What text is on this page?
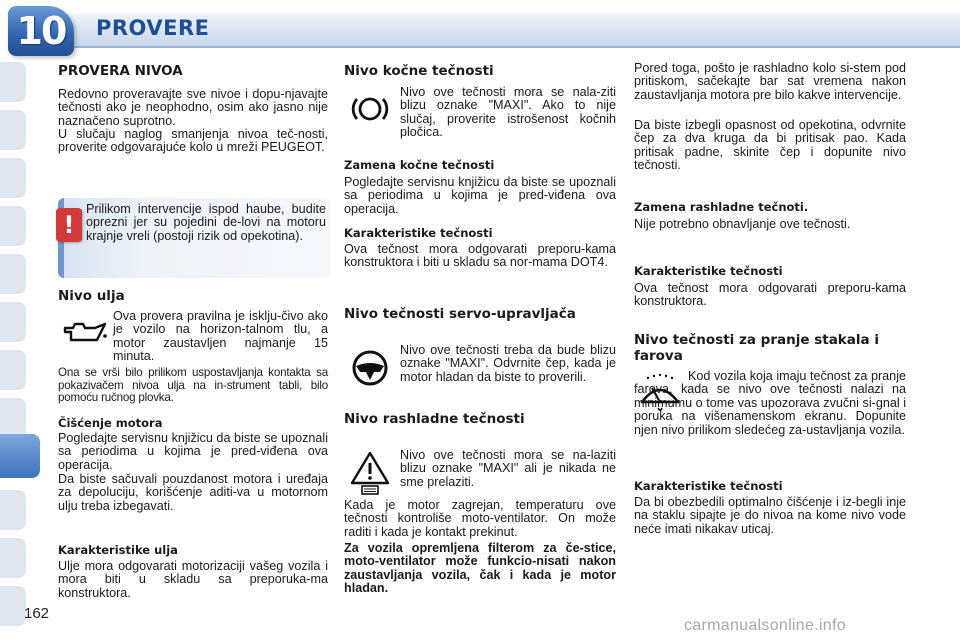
10 PROVERE
PROVERA NIVOA

Redovno proveravajte sve nivoe i dopu-njavajte tečnosti ako je neophodno, osim ako jasno nije naznačeno suprotno.

U slučaju naglog smanjenja nivoa teč-nosti, proverite odgovarajuće kolo u mreži PEUGEOT.

!

Prilikom intervencije ispod haube, budite oprezni jer su pojedini de-lovi na motoru krajnje vreli (postoji rizik od opekotina).

Nivo ulja

Ova provera pravilna je isklju-čivo ako je vozilo na horizon-talnom tlu, a motor zaustavljen najmanje 15 minuta.

Ona se vrši bilo prilikom uspostavljanja kontakta sa pokazivačem nivoa ulja na in-strument tabli, bilo pomoću ručnog plovka.

Čišćenje motora

Pogledajte servisnu knjižicu da biste se upoznali sa periodima u kojima je pred-viđena ova operacija.

Da biste sačuvali pouzdanost motora i uređaja za depoluciju, korišćenje aditi-va u motornom ulju treba izbegavati.

Karakteristike ulja

Ulje mora odgovarati motorizaciji vašeg vozila i mora biti u skladu sa preporuka-ma konstruktora.

Nivo kočne tečnosti

Nivo ove tečnosti mora se nala-ziti blizu oznake "MAXI". Ako to nije slučaj, proverite istrošenost kočnih pločica.

Zamena kočne tečnosti

Pogledajte servisnu knjižicu da biste se upoznali sa periodima u kojima je pred-viđena ova operacija.

Karakteristike tečnosti

Ova tečnost mora odgovarati preporu-kama konstruktora i biti u skladu sa nor-mama DOT4.

Nivo tečnosti servo-upravljača

Nivo ove tečnosti treba da bude blizu oznake "MAXI". Odvrnite čep, kada je motor hladan da biste to proverili.

Nivo rashladne tečnosti

Nivo ove tečnosti mora se na-laziti blizu oznake "MAXI" ali je nikada ne sme prelaziti.

Kada je motor zagrejan, temperaturu ove tečnosti kontroliše moto-ventilator. On može raditi i kada je kontakt prekinut.

Za vozila opremljena filterom za če-stice, moto-ventilator može funkcio-nisati nakon zaustavljanja vozila, čak i kada je motor hladan.

Pored toga, pošto je rashladno kolo si-stem pod pritiskom, sačekajte bar sat vremena nakon zaustavljanja motora pre bilo kakve intervencije.

Da biste izbegli opasnost od opekotina, odvrnite čep za dva kruga da bi pritisak pao. Kada pritisak padne, skinite čep i dopunite nivo tečnosti.

Zamena rashladne tečnoti.

Nije potrebno obnavljanje ove tečnosti.

Karakteristike tečnosti

Ova tečnost mora odgovarati preporu-kama konstruktora.

Nivo tečnosti za pranje stakala i farova

Kod vozila koja imaju tečnost za pranje farova, kada se nivo ove tečnosti nalazi na minimumu o tome vas upozorava zvučni si-gnal i poruka na višenamenskom ekranu. Dopunite njen nivo prilikom sledećeg za-ustavljanja vozila.

Karakteristike tečnosti

Da bi obezbedili optimalno čišćenje i iz-begli inje na staklu sipajte je do nivoa na kome nivo vode neće imati nikakav uticaj.

162
carmanualsonline.info
